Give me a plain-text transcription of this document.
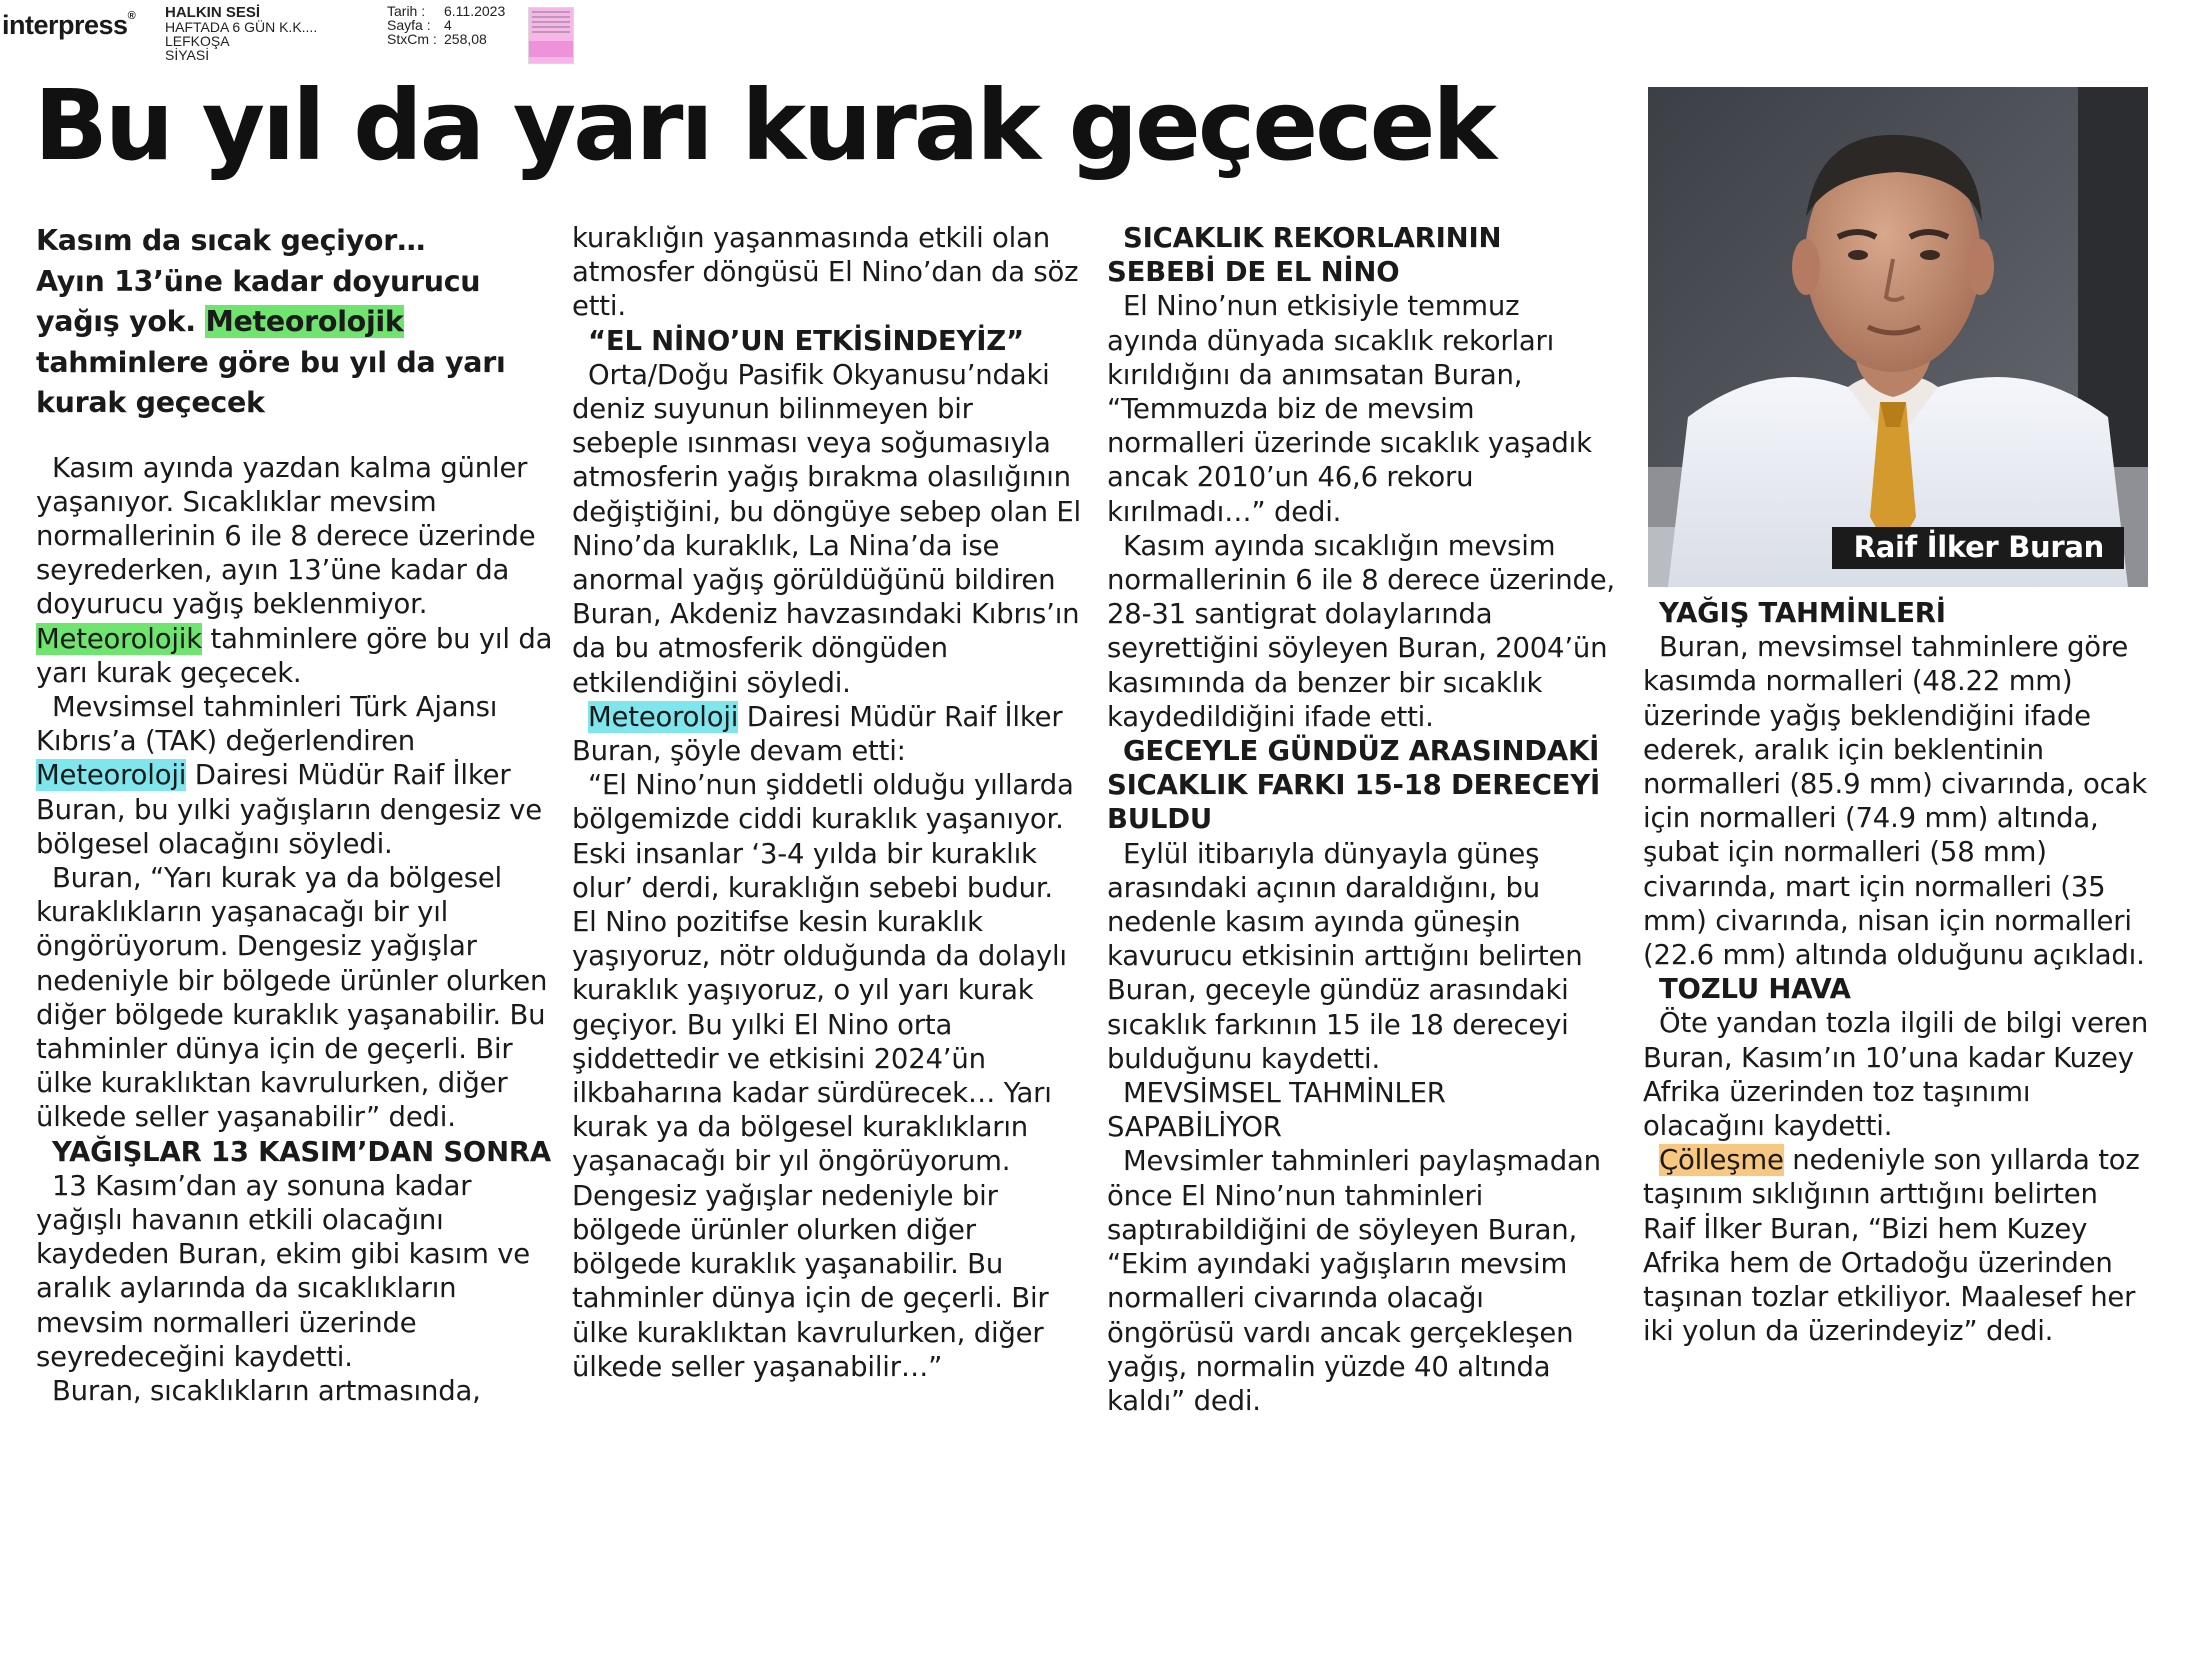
interpress® HALKIN SESİ
HAFTADA 6 GÜN K.K....
LEFKOŞA
SİYASİ
Tarih :	6.11.2023
Sayfa : 4
StxCm : 258,08
Bu yıl da yarı kurak geçecek

Kasım da sıcak geçiyor…
Ayın 13’üne kadar doyurucu yağış yok. Meteorolojik tahminlere göre bu yıl da yarı kurak geçecek

Kasım ayında yazdan kalma günler yaşanıyor. Sıcaklıklar mevsim normallerinin 6 ile 8 derece üzerinde seyrederken, ayın 13’üne kadar da doyurucu yağış beklenmiyor. Meteorolojik tahminlere göre bu yıl da yarı kurak geçecek.

Mevsimsel tahminleri Türk Ajansı Kıbrıs’a (TAK) değerlendiren Meteoroloji Dairesi Müdür Raif İlker Buran, bu yılki yağışların dengesiz ve bölgesel olacağını söyledi.

Buran, “Yarı kurak ya da bölgesel kuraklıkların yaşanacağı bir yıl öngörüyorum. Dengesiz yağışlar nedeniyle bir bölgede ürünler olurken diğer bölgede kuraklık yaşanabilir. Bu tahminler dünya için de geçerli. Bir ülke kuraklıktan kavrulurken, diğer ülkede seller yaşanabilir” dedi.

YAĞIŞLAR 13 KASIM’DAN SONRA

13 Kasım’dan ay sonuna kadar yağışlı havanın etkili olacağını kaydeden Buran, ekim gibi kasım ve aralık aylarında da sıcaklıkların mevsim normalleri üzerinde seyredeceğini kaydetti.

Buran, sıcaklıkların artmasında,

kuraklığın yaşanmasında etkili olan atmosfer döngüsü El Nino’dan da söz etti.

“EL NİNO’UN ETKİSİNDEYİZ”

Orta/Doğu Pasifik Okyanusu’ndaki deniz suyunun bilinmeyen bir sebeple ısınması veya soğumasıyla atmosferin yağış bırakma olasılığının değiştiğini, bu döngüye sebep olan El Nino’da kuraklık, La Nina’da ise anormal yağış görüldüğünü bildiren Buran, Akdeniz havzasındaki Kıbrıs’ın da bu atmosferik döngüden etkilendiğini söyledi.

Meteoroloji Dairesi Müdür Raif İlker Buran, şöyle devam etti:

“El Nino’nun şiddetli olduğu yıllarda bölgemizde ciddi kuraklık yaşanıyor. Eski insanlar ‘3-4 yılda bir kuraklık olur’ derdi, kuraklığın sebebi budur. El Nino pozitifse kesin kuraklık yaşıyoruz, nötr olduğunda da dolaylı kuraklık yaşıyoruz, o yıl yarı kurak geçiyor. Bu yılki El Nino orta şiddettedir ve etkisini 2024’ün ilkbaharına kadar sürdürecek… Yarı kurak ya da bölgesel kuraklıkların yaşanacağı bir yıl öngörüyorum. Dengesiz yağışlar nedeniyle bir bölgede ürünler olurken diğer bölgede kuraklık yaşanabilir. Bu tahminler dünya için de geçerli. Bir ülke kuraklıktan kavrulurken, diğer ülkede seller yaşanabilir…”

SICAKLIK REKORLARININ SEBEBİ DE EL NİNO

El Nino’nun etkisiyle temmuz ayında dünyada sıcaklık rekorları kırıldığını da anımsatan Buran, “Temmuzda biz de mevsim normalleri üzerinde sıcaklık yaşadık ancak 2010’un 46,6 rekoru kırılmadı…” dedi.

Kasım ayında sıcaklığın mevsim normallerinin 6 ile 8 derece üzerinde, 28-31 santigrat dolaylarında seyrettiğini söyleyen Buran, 2004’ün kasımında da benzer bir sıcaklık kaydedildiğini ifade etti.

GECEYLE GÜNDÜZ ARASINDAKİ SICAKLIK FARKI 15-18 DERECEYİ BULDU

Eylül itibarıyla dünyayla güneş arasındaki açının daraldığını, bu nedenle kasım ayında güneşin kavurucu etkisinin arttığını belirten Buran, geceyle gündüz arasındaki sıcaklık farkının 15 ile 18 dereceyi bulduğunu kaydetti.

MEVSİMSEL TAHMİNLER SAPABİLİYOR

Mevsimler tahminleri paylaşmadan önce El Nino’nun tahminleri saptırabildiğini de söyleyen Buran, “Ekim ayındaki yağışların mevsim normalleri civarında olacağı öngörüsü vardı ancak gerçekleşen yağış, normalin yüzde 40 altında kaldı” dedi.

Raif İlker Buran

YAĞIŞ TAHMİNLERİ

Buran, mevsimsel tahminlere göre kasımda normalleri (48.22 mm) üzerinde yağış beklendiğini ifade ederek, aralık için beklentinin normalleri (85.9 mm) civarında, ocak için normalleri (74.9 mm) altında, şubat için normalleri (58 mm) civarında, mart için normalleri (35 mm) civarında, nisan için normalleri (22.6 mm) altında olduğunu açıkladı.

TOZLU HAVA

Öte yandan tozla ilgili de bilgi veren Buran, Kasım’ın 10’una kadar Kuzey Afrika üzerinden toz taşınımı olacağını kaydetti.

Çölleşme nedeniyle son yıllarda toz taşınım sıklığının arttığını belirten Raif İlker Buran, “Bizi hem Kuzey Afrika hem de Ortadoğu üzerinden taşınan tozlar etkiliyor. Maalesef her iki yolun da üzerindeyiz” dedi.
